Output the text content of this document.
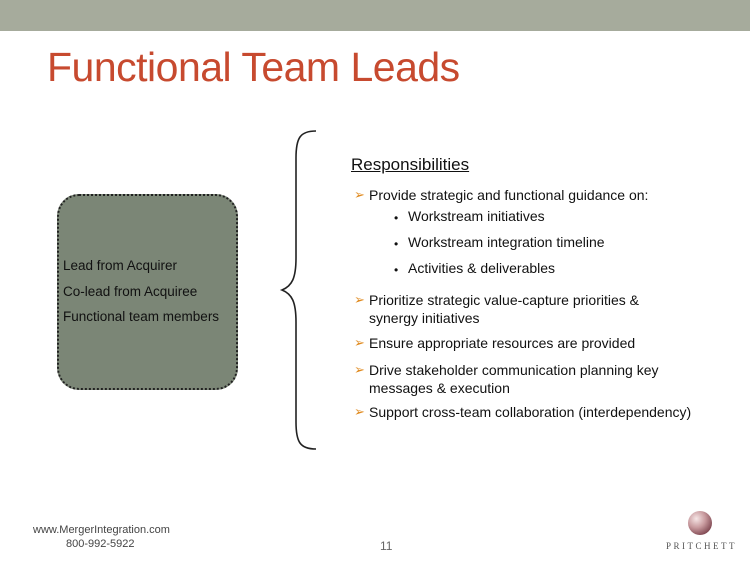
Functional Team Leads
Lead from Acquirer
Co-lead from Acquiree
Functional team members
Responsibilities
➢ Provide strategic and functional guidance on:
• Workstream initiatives
• Workstream integration timeline
• Activities & deliverables
➢ Prioritize strategic value-capture priorities &
synergy initiatives
➢ Ensure appropriate resources are provided
➢ Drive stakeholder communication planning key
messages & execution
➢ Support cross-team collaboration (interdependency)
www.MergerIntegration.com
800-992-5922	11	PRITCHETT
